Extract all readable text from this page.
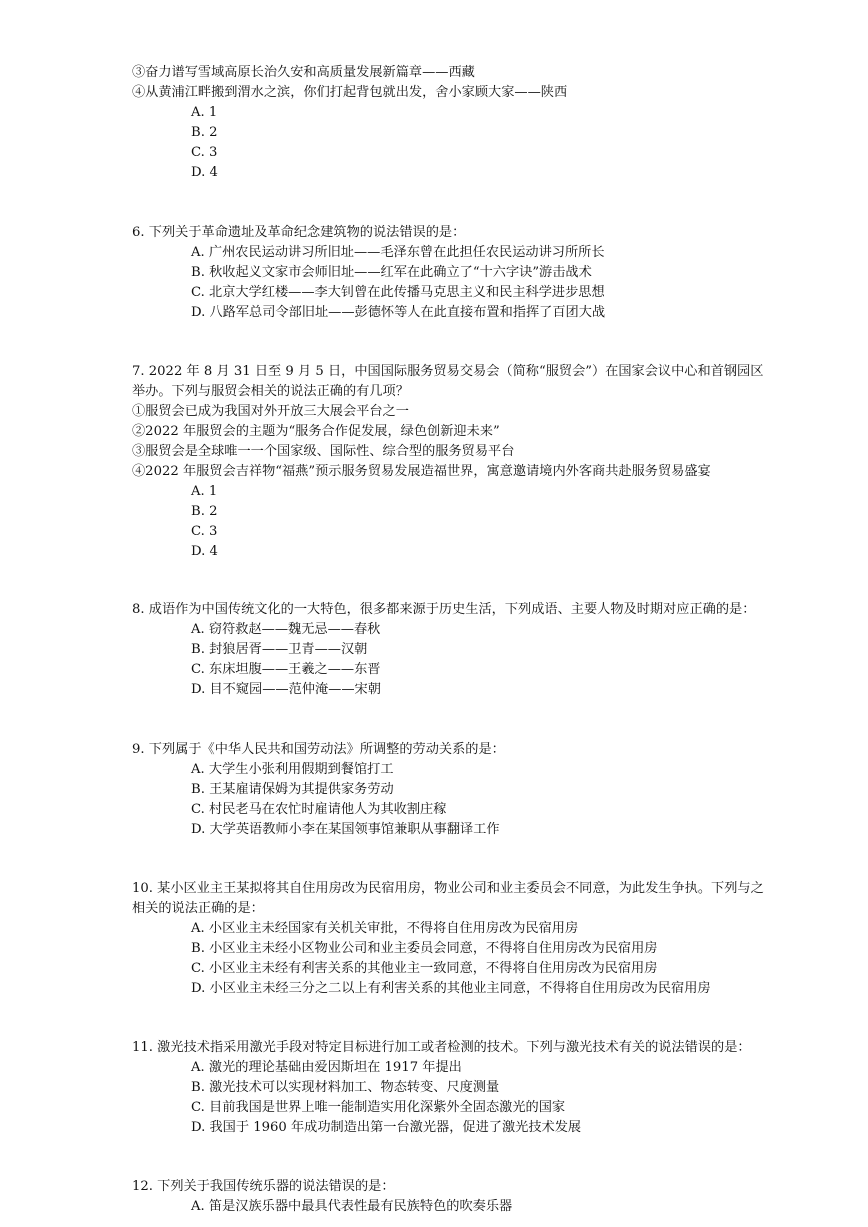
③奋力谱写雪域高原长治久安和高质量发展新篇章——西藏
④从黄浦江畔搬到渭水之滨，你们打起背包就出发，舍小家顾大家——陕西
A. 1
B. 2
C. 3
D. 4
6. 下列关于革命遗址及革命纪念建筑物的说法错误的是：
A. 广州农民运动讲习所旧址——毛泽东曾在此担任农民运动讲习所所长
B. 秋收起义文家市会师旧址——红军在此确立了“十六字诀”游击战术
C. 北京大学红楼——李大钊曾在此传播马克思主义和民主科学进步思想
D. 八路军总司令部旧址——彭德怀等人在此直接布置和指挥了百团大战
7. 2022 年 8 月 31 日至 9 月 5 日，中国国际服务贸易交易会（简称“服贸会”）在国家会议中心和首钢园区
举办。下列与服贸会相关的说法正确的有几项？
①服贸会已成为我国对外开放三大展会平台之一
②2022 年服贸会的主题为“服务合作促发展，绿色创新迎未来”
③服贸会是全球唯一一个国家级、国际性、综合型的服务贸易平台
④2022 年服贸会吉祥物“福燕”预示服务贸易发展造福世界，寓意邀请境内外客商共赴服务贸易盛宴
A. 1
B. 2
C. 3
D. 4
8. 成语作为中国传统文化的一大特色，很多都来源于历史生活，下列成语、主要人物及时期对应正确的是：
A. 窃符救赵——魏无忌——春秋
B. 封狼居胥——卫青——汉朝
C. 东床坦腹——王羲之——东晋
D. 目不窥园——范仲淹——宋朝
9. 下列属于《中华人民共和国劳动法》所调整的劳动关系的是：
A. 大学生小张利用假期到餐馆打工
B. 王某雇请保姆为其提供家务劳动
C. 村民老马在农忙时雇请他人为其收割庄稼
D. 大学英语教师小李在某国领事馆兼职从事翻译工作
10. 某小区业主王某拟将其自住用房改为民宿用房，物业公司和业主委员会不同意，为此发生争执。下列与之
相关的说法正确的是：
A. 小区业主未经国家有关机关审批，不得将自住用房改为民宿用房
B. 小区业主未经小区物业公司和业主委员会同意，不得将自住用房改为民宿用房
C. 小区业主未经有利害关系的其他业主一致同意，不得将自住用房改为民宿用房
D. 小区业主未经三分之二以上有利害关系的其他业主同意，不得将自住用房改为民宿用房
11. 激光技术指采用激光手段对特定目标进行加工或者检测的技术。下列与激光技术有关的说法错误的是：
A. 激光的理论基础由爱因斯坦在 1917 年提出
B. 激光技术可以实现材料加工、物态转变、尺度测量
C. 目前我国是世界上唯一能制造实用化深紫外全固态激光的国家
D. 我国于 1960 年成功制造出第一台激光器，促进了激光技术发展
12. 下列关于我国传统乐器的说法错误的是：
A. 笛是汉族乐器中最具代表性最有民族特色的吹奏乐器
